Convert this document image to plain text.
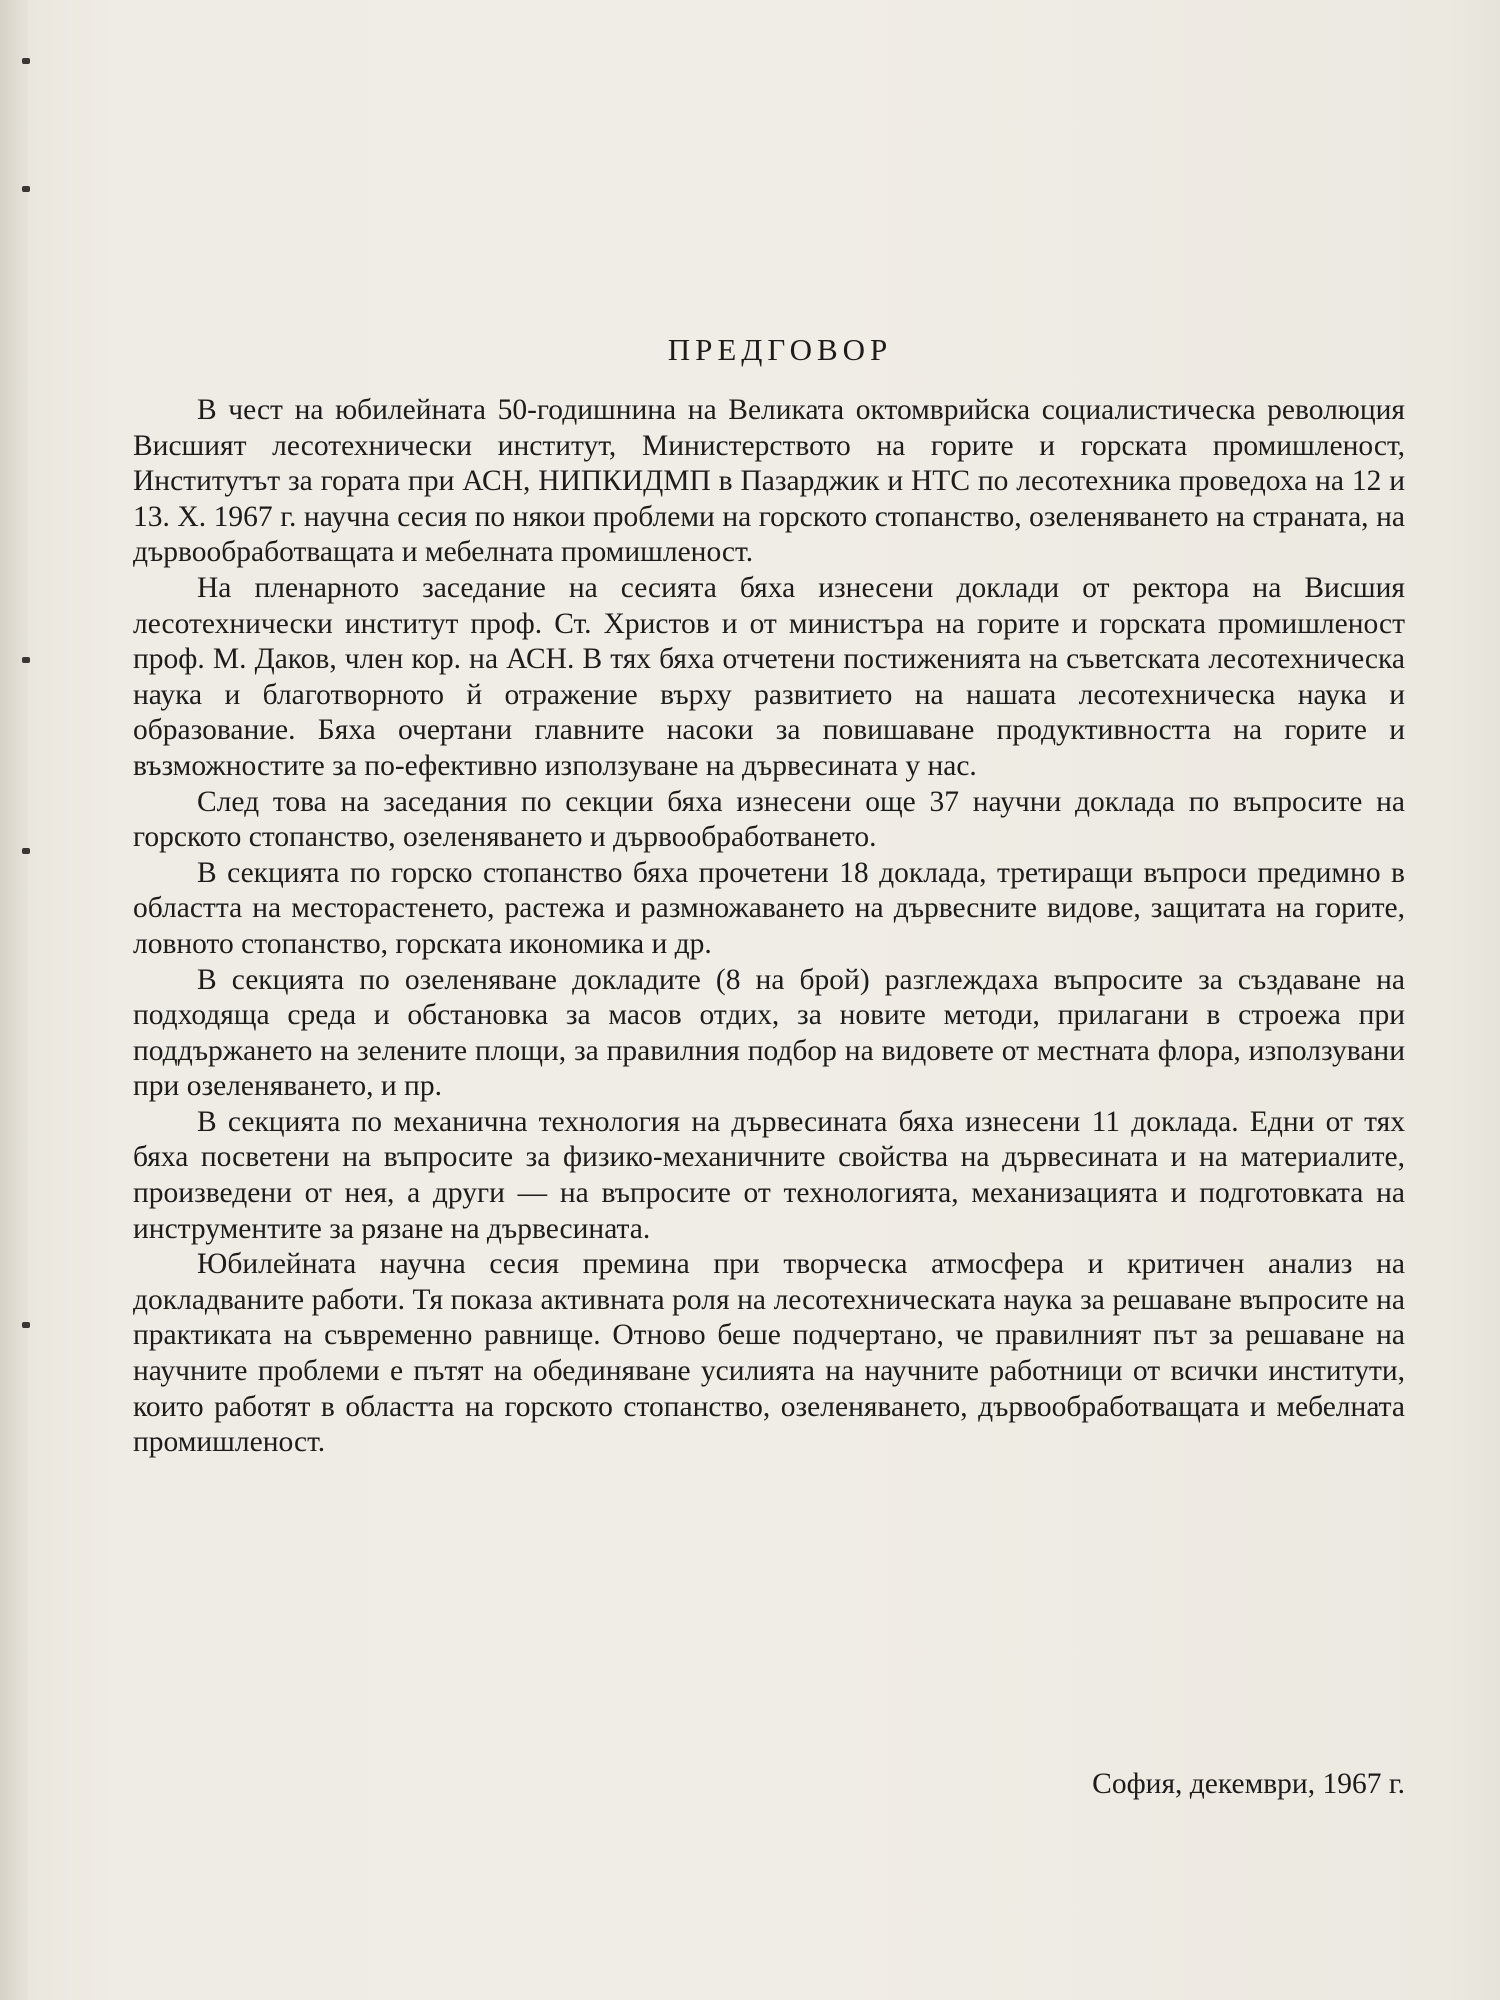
ПРЕДГОВОР

В чест на юбилейната 50-годишнина на Великата октомврийска социалистическа революция Висшият лесотехнически институт, Министерството на горите и горската промишленост, Институтът за гората при АСН, НИПКИДМП в Пазарджик и НТС по лесотехника проведоха на 12 и 13. X. 1967 г. научна сесия по някои проблеми на горското стопанство, озеленяването на страната, на дървообработващата и мебелната промишленост.

На пленарното заседание на сесията бяха изнесени доклади от ректора на Висшия лесотехнически институт проф. Ст. Христов и от министъра на горите и горската промишленост проф. М. Даков, член кор. на АСН. В тях бяха отчетени постиженията на съветската лесотехническа наука и благотворното й отражение върху развитието на нашата лесотехническа наука и образование. Бяха очертани главните насоки за повишаване продуктивността на горите и възможностите за по-ефективно използуване на дървесината у нас.

След това на заседания по секции бяха изнесени още 37 научни доклада по въпросите на горското стопанство, озеленяването и дървообработването.

В секцията по горско стопанство бяха прочетени 18 доклада, третиращи въпроси предимно в областта на месторастенето, растежа и размножаването на дървесните видове, защитата на горите, ловното стопанство, горската икономика и др.

В секцията по озеленяване докладите (8 на брой) разглеждаха въпросите за създаване на подходяща среда и обстановка за масов отдих, за новите методи, прилагани в строежа при поддържането на зелените площи, за правилния подбор на видовете от местната флора, използувани при озеленяването, и пр.

В секцията по механична технология на дървесината бяха изнесени 11 доклада. Едни от тях бяха посветени на въпросите за физико-механичните свойства на дървесината и на материалите, произведени от нея, а други — на въпросите от технологията, механизацията и подготовката на инструментите за рязане на дървесината.

Юбилейната научна сесия премина при творческа атмосфера и критичен анализ на докладваните работи. Тя показа активната роля на лесотехническата наука за решаване въпросите на практиката на съвременно равнище. Отново беше подчертано, че правилният път за решаване на научните проблеми е пътят на обединяване усилията на научните работници от всички институти, които работят в областта на горското стопанство, озеленяването, дървообработващата и мебелната промишленост.

София, декември, 1967 г.
